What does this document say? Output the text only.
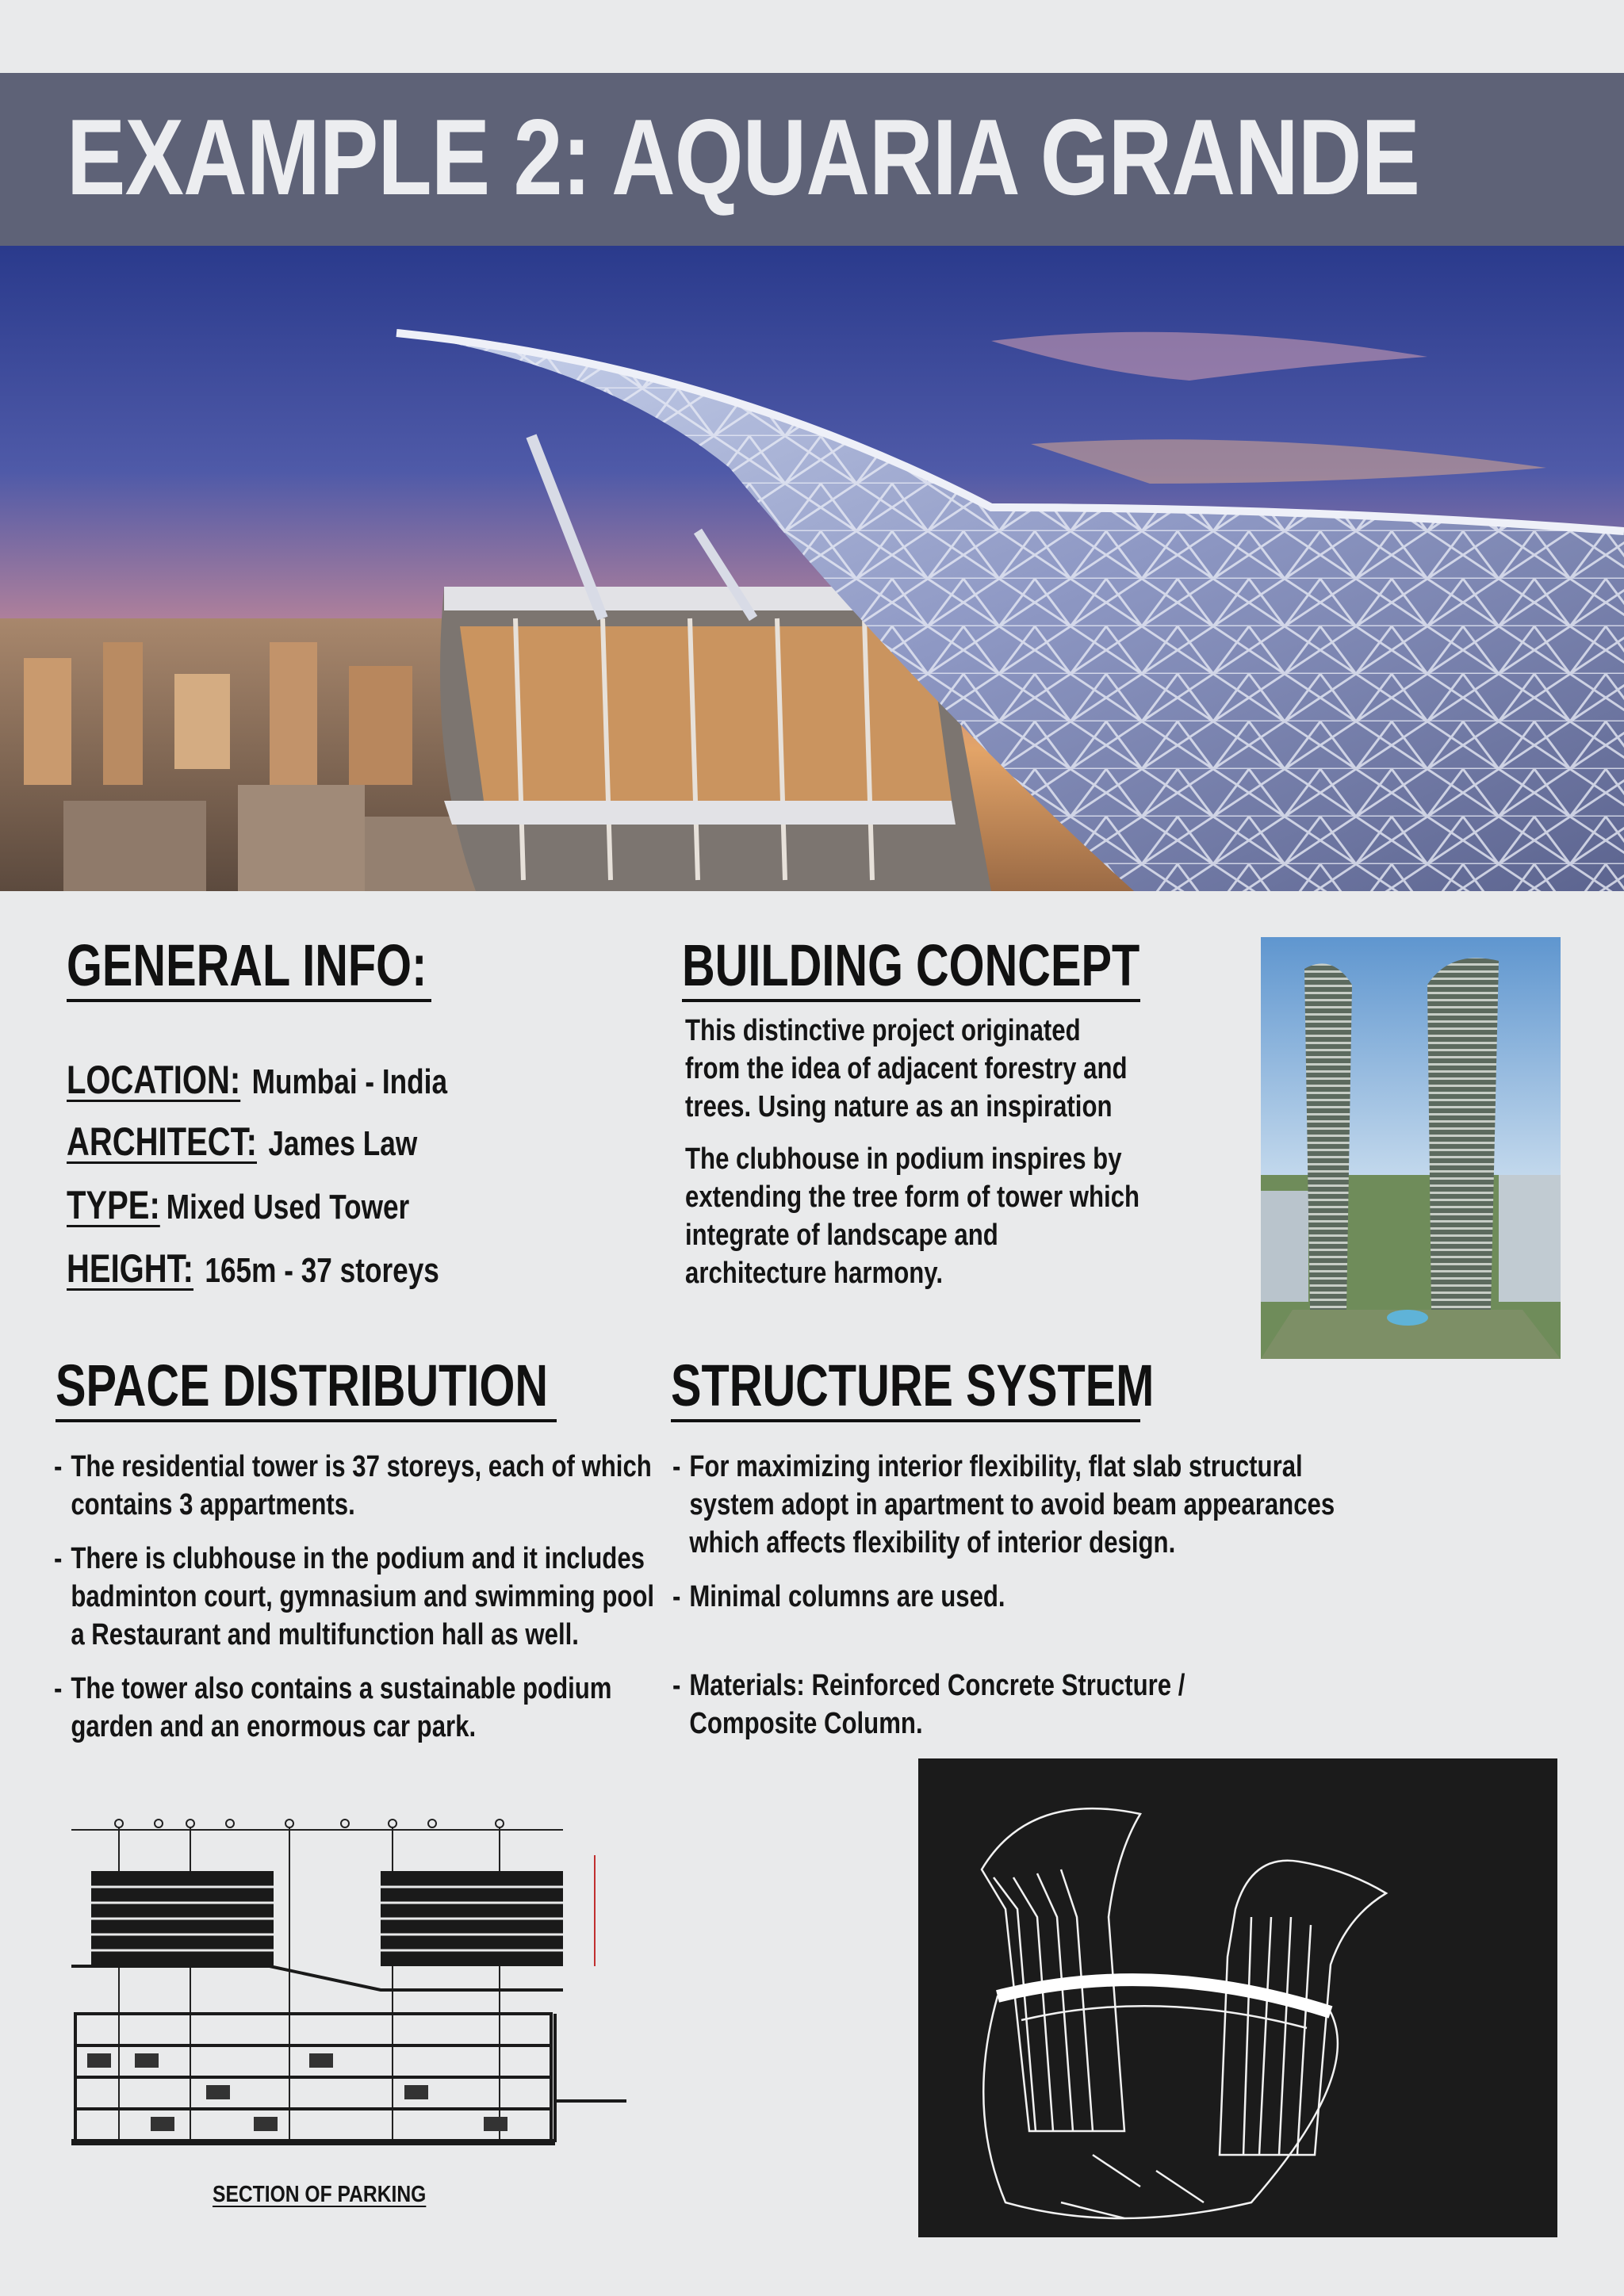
EXAMPLE 2: AQUARIA GRANDE
GENERAL INFO:
LOCATION: Mumbai - India
ARCHITECT: James Law
TYPE: Mixed Used Tower
HEIGHT: 165m - 37 storeys
BUILDING CONCEPT

This distinctive project originated from the idea of adjacent forestry and trees. Using nature as an inspiration

The clubhouse in podium inspires by extending the tree form of tower which integrate of landscape and architecture harmony.

SPACE DISTRIBUTION
- The residential tower is 37 storeys, each of which contains 3 appartments.
- There is clubhouse in the podium and it includes badminton court, gymnasium and swimming pool a Restaurant and multifunction hall as well.
- The tower also contains a sustainable podium garden and an enormous car park.
STRUCTURE SYSTEM
- For maximizing interior flexibility, flat slab structural system adopt in apartment to avoid beam appearances which affects flexibility of interior design.
- Minimal columns are used.
- Materials: Reinforced Concrete Structure / Composite Column.
SECTION OF PARKING
